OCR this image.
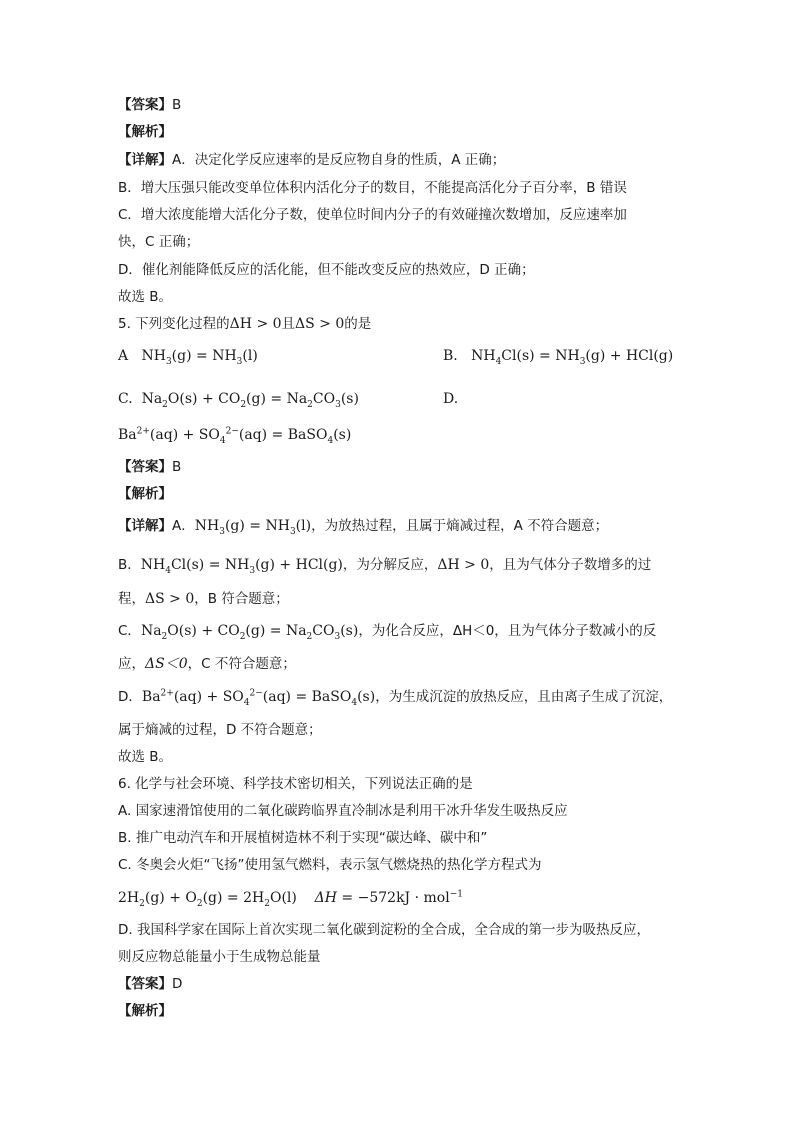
【答案】B
【解析】
【详解】A．决定化学反应速率的是反应物自身的性质，A 正确；
B．增大压强只能改变单位体积内活化分子的数目，不能提高活化分子百分率，B 错误
C．增大浓度能增大活化分子数，使单位时间内分子的有效碰撞次数增加，反应速率加
快，C 正确；
D．催化剂能降低反应的活化能，但不能改变反应的热效应，D 正确；
故选 B。
5. 下列变化过程的ΔH > 0且ΔS > 0的是
A   $NH_3(g) = NH_3(l)$	B.   $NH_4Cl(s) = NH_3(g) + HCl(g)$
C.  $Na_2O(s) + CO_2(g) = Na_2CO_3(s)$	D.
$Ba^{2+}(aq) + SO_4^{2-}(aq)$ = BaSO$_4$(s)
【答案】B
【解析】
【详解】A．$NH_3(g) = NH_3(l)$，为放热过程，且属于熵减过程，A 不符合题意；
B．$NH_4Cl(s) = NH_3(g) + HCl(g)$，为分解反应，ΔH > 0，且为气体分子数增多的过
程，ΔS > 0，B 符合题意；
C．$Na_2O(s) + CO_2(g) = Na_2CO_3(s)$，为化合反应，ΔH＜0，且为气体分子数减小的反
应，ΔS＜0，C 不符合题意；
D．$Ba^{2+}(aq) + SO_4^{2-}(aq)$ = BaSO$_4$(s)，为生成沉淀的放热反应，且由离子生成了沉淀，
属于熵减的过程，D 不符合题意；
故选 B。
6. 化学与社会环境、科学技术密切相关，下列说法正确的是
A. 国家速滑馆使用的二氧化碳跨临界直冷制冰是利用干冰升华发生吸热反应
B. 推广电动汽车和开展植树造林不利于实现“碳达峰、碳中和”
C. 冬奥会火炬“飞扬”使用氢气燃料，表示氢气燃烧热的热化学方程式为
$2H_2(g) + O_2(g) = 2H_2O(l)$    ΔH = −572kJ · mol$^{-1}$
D. 我国科学家在国际上首次实现二氧化碳到淀粉的全合成，全合成的第一步为吸热反应，
则反应物总能量小于生成物总能量
【答案】D
【解析】
